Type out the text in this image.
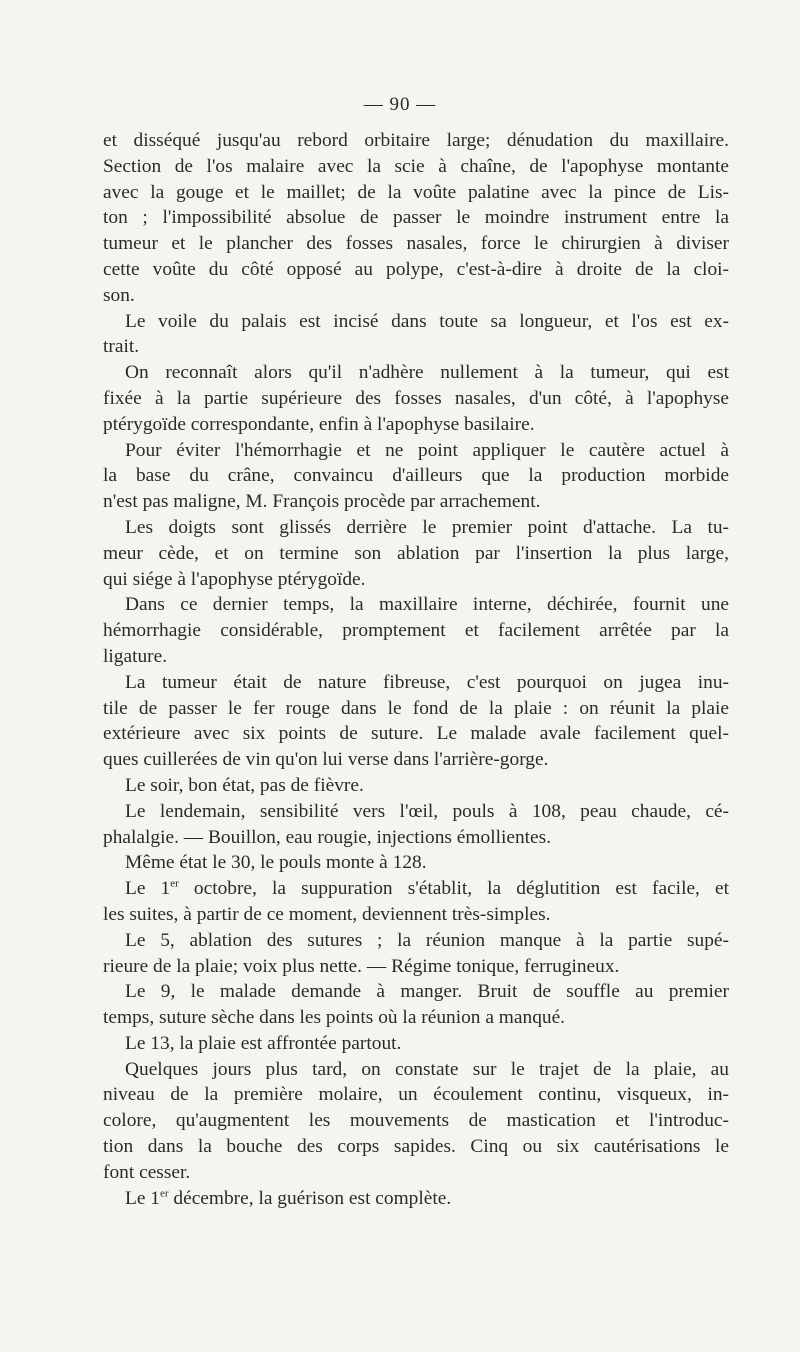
— 90 —
et disséqué jusqu'au rebord orbitaire large; dénudation du maxillaire.
Section de l'os malaire avec la scie à chaîne, de l'apophyse montante
avec la gouge et le maillet; de la voûte palatine avec la pince de Lis-
ton ; l'impossibilité absolue de passer le moindre instrument entre la
tumeur et le plancher des fosses nasales, force le chirurgien à diviser
cette voûte du côté opposé au polype, c'est-à-dire à droite de la cloi-
son.
Le voile du palais est incisé dans toute sa longueur, et l'os est ex-
trait.
On reconnaît alors qu'il n'adhère nullement à la tumeur, qui est
fixée à la partie supérieure des fosses nasales, d'un côté, à l'apophyse
ptérygoïde correspondante, enfin à l'apophyse basilaire.
Pour éviter l'hémorrhagie et ne point appliquer le cautère actuel à
la base du crâne, convaincu d'ailleurs que la production morbide
n'est pas maligne, M. François procède par arrachement.
Les doigts sont glissés derrière le premier point d'attache. La tu-
meur cède, et on termine son ablation par l'insertion la plus large,
qui siége à l'apophyse ptérygoïde.
Dans ce dernier temps, la maxillaire interne, déchirée, fournit une
hémorrhagie considérable, promptement et facilement arrêtée par la
ligature.
La tumeur était de nature fibreuse, c'est pourquoi on jugea inu-
tile de passer le fer rouge dans le fond de la plaie : on réunit la plaie
extérieure avec six points de suture. Le malade avale facilement quel-
ques cuillerées de vin qu'on lui verse dans l'arrière-gorge.
Le soir, bon état, pas de fièvre.
Le lendemain, sensibilité vers l'œil, pouls à 108, peau chaude, cé-
phalalgie. — Bouillon, eau rougie, injections émollientes.
Même état le 30, le pouls monte à 128.
Le 1er octobre, la suppuration s'établit, la déglutition est facile, et
les suites, à partir de ce moment, deviennent très-simples.
Le 5, ablation des sutures ; la réunion manque à la partie supé-
rieure de la plaie; voix plus nette. — Régime tonique, ferrugineux.
Le 9, le malade demande à manger. Bruit de souffle au premier
temps, suture sèche dans les points où la réunion a manqué.
Le 13, la plaie est affrontée partout.
Quelques jours plus tard, on constate sur le trajet de la plaie, au
niveau de la première molaire, un écoulement continu, visqueux, in-
colore, qu'augmentent les mouvements de mastication et l'introduc-
tion dans la bouche des corps sapides. Cinq ou six cautérisations le
font cesser.
Le 1er décembre, la guérison est complète.
